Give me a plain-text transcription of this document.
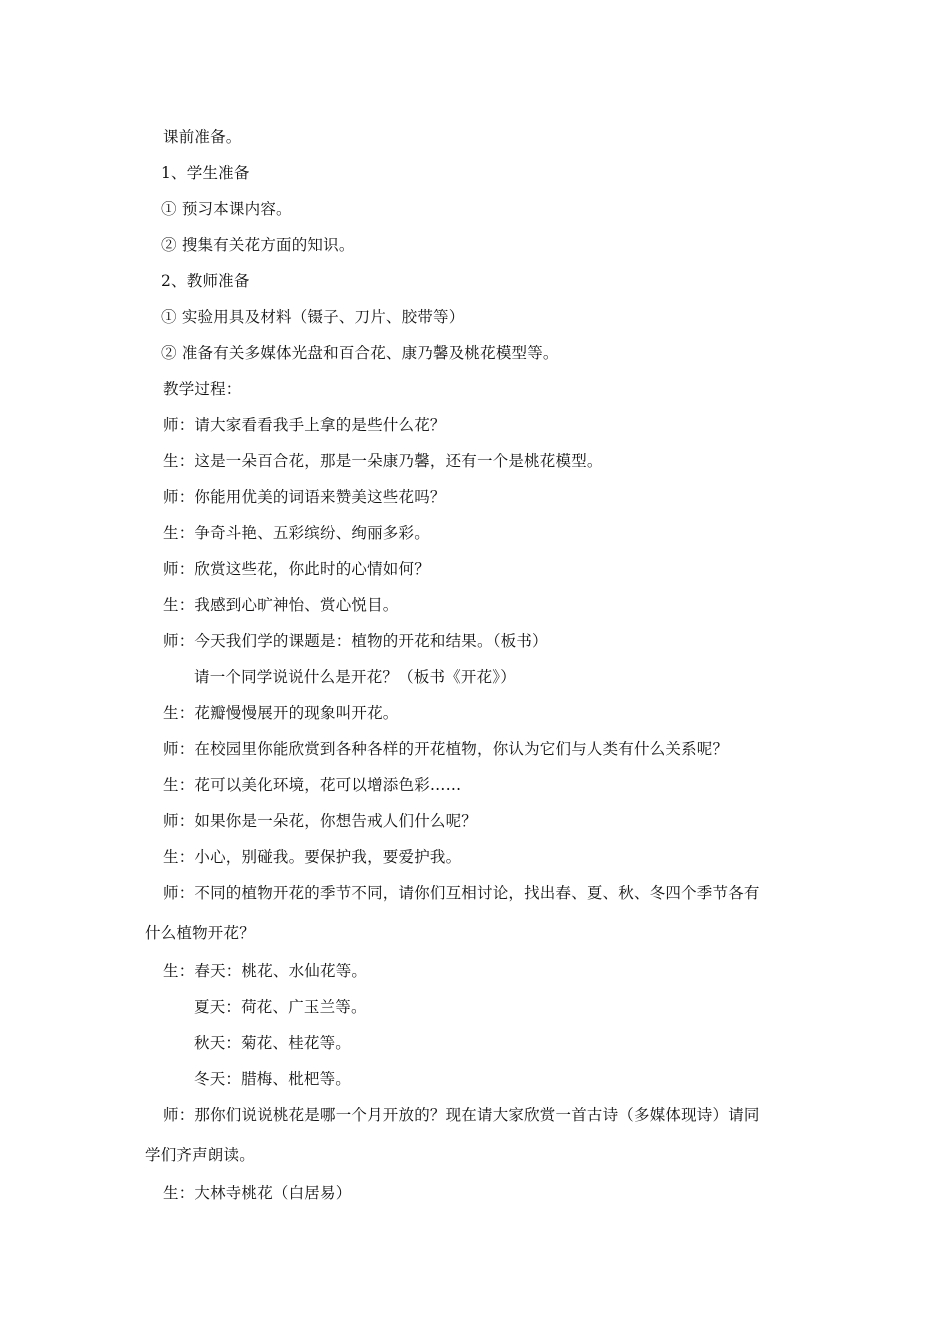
课前准备。
1、学生准备
① 预习本课内容。
② 搜集有关花方面的知识。
2、教师准备
① 实验用具及材料（镊子、刀片、胶带等）
② 准备有关多媒体光盘和百合花、康乃馨及桃花模型等。
教学过程：
师：请大家看看我手上拿的是些什么花？
生：这是一朵百合花，那是一朵康乃馨，还有一个是桃花模型。
师：你能用优美的词语来赞美这些花吗？
生：争奇斗艳、五彩缤纷、绚丽多彩。
师：欣赏这些花，你此时的心情如何？
生：我感到心旷神怡、赏心悦目。
师：今天我们学的课题是：植物的开花和结果。（板书）
请一个同学说说什么是开花？（板书《开花》）
生：花瓣慢慢展开的现象叫开花。
师：在校园里你能欣赏到各种各样的开花植物，你认为它们与人类有什么关系呢？
生：花可以美化环境，花可以增添色彩……
师：如果你是一朵花，你想告戒人们什么呢？
生：小心，别碰我。要保护我，要爱护我。
师：不同的植物开花的季节不同，请你们互相讨论，找出春、夏、秋、冬四个季节各有
什么植物开花？
生：春天：桃花、水仙花等。
夏天：荷花、广玉兰等。
秋天：菊花、桂花等。
冬天：腊梅、枇杷等。
师：那你们说说桃花是哪一个月开放的？现在请大家欣赏一首古诗（多媒体现诗）请同
学们齐声朗读。
生：大林寺桃花（白居易）
